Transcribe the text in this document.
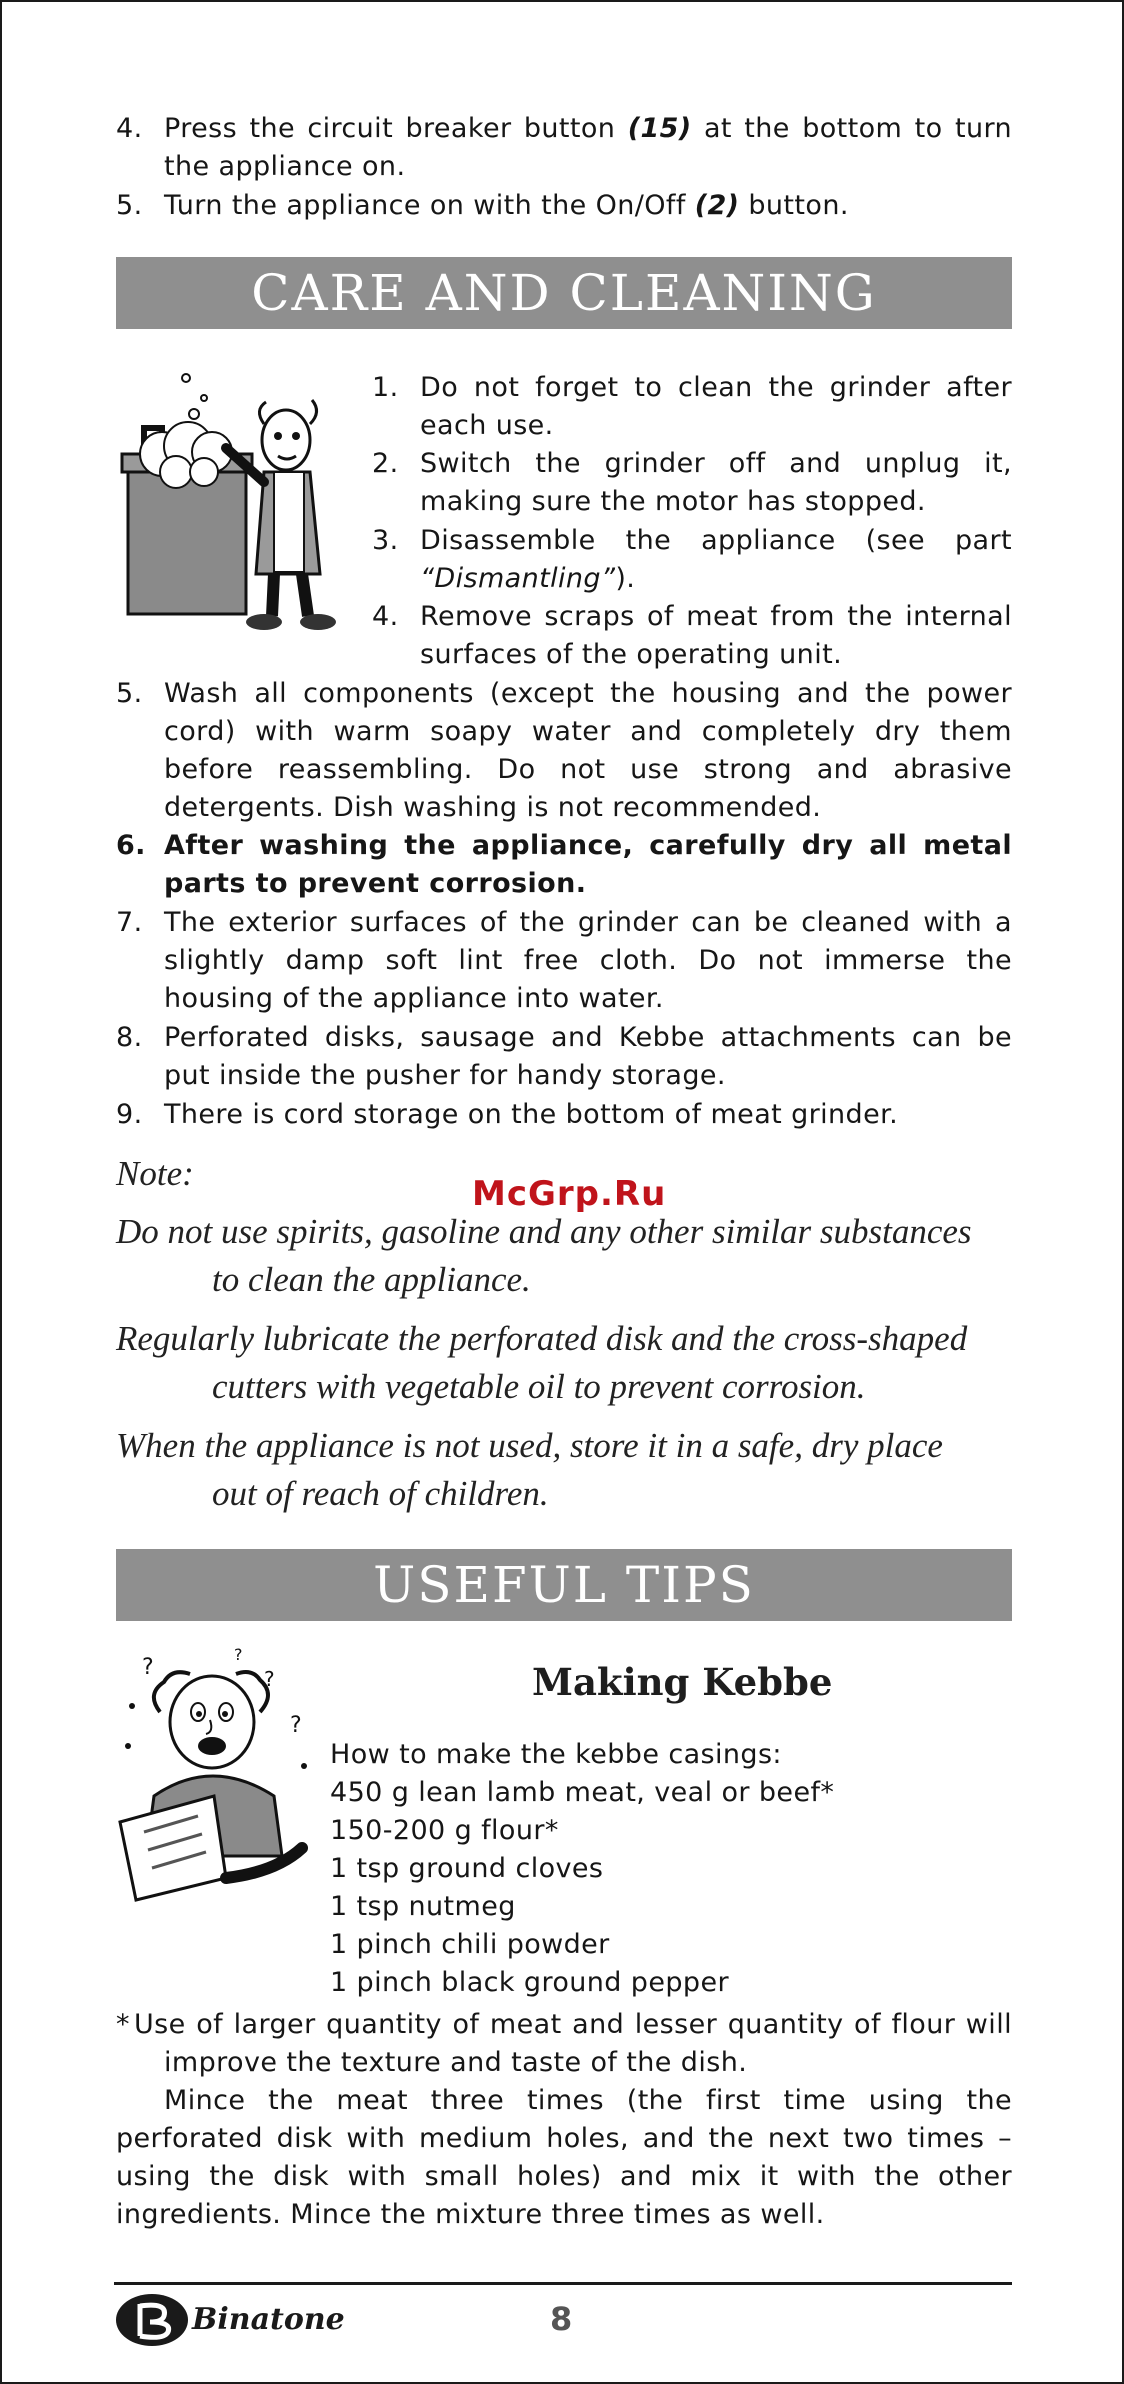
4. Press the circuit breaker button (15) at the bottom to turn the appliance on.
5. Turn the appliance on with the On/Off (2) button.
CARE AND CLEANING
1. Do not forget to clean the grinder after each use.
2. Switch the grinder off and unplug it, making sure the motor has stopped.
3. Disassemble the appliance (see part “Dismantling”).
4. Remove scraps of meat from the internal surfaces of the operating unit.
5. Wash all components (except the housing and the power cord) with warm soapy water and completely dry them before reassembling. Do not use strong and abrasive detergents. Dish washing is not recommended.
6. After washing the appliance, carefully dry all metal parts to prevent corrosion.
7. The exterior surfaces of the grinder can be cleaned with a slightly damp soft lint free cloth. Do not immerse the housing of the appliance into water.
8. Perforated disks, sausage and Kebbe attachments can be put inside the pusher for handy storage.
9. There is cord storage on the bottom of meat grinder.
Note:
McGrp.Ru
Do not use spirits, gasoline and any other similar substances
to clean the appliance.
Regularly lubricate the perforated disk and the cross-shaped
cutters with vegetable oil to prevent corrosion.
When the appliance is not used, store it in a safe, dry place
out of reach of children.
USEFUL TIPS
?	?
?
?
Making Kebbe
How to make the kebbe casings:
450 g lean lamb meat, veal or beef*
150-200 g flour*
1 tsp ground cloves
1 tsp nutmeg
1 pinch chili powder
1 pinch black ground pepper
* Use of larger quantity of meat and lesser quantity of flour will improve the texture and taste of the dish.
Mince the meat three times (the first time using the perforated disk with medium holes, and the next two times – using the disk with small holes) and mix it with the other ingredients. Mince the mixture three times as well.
Binatone	8
